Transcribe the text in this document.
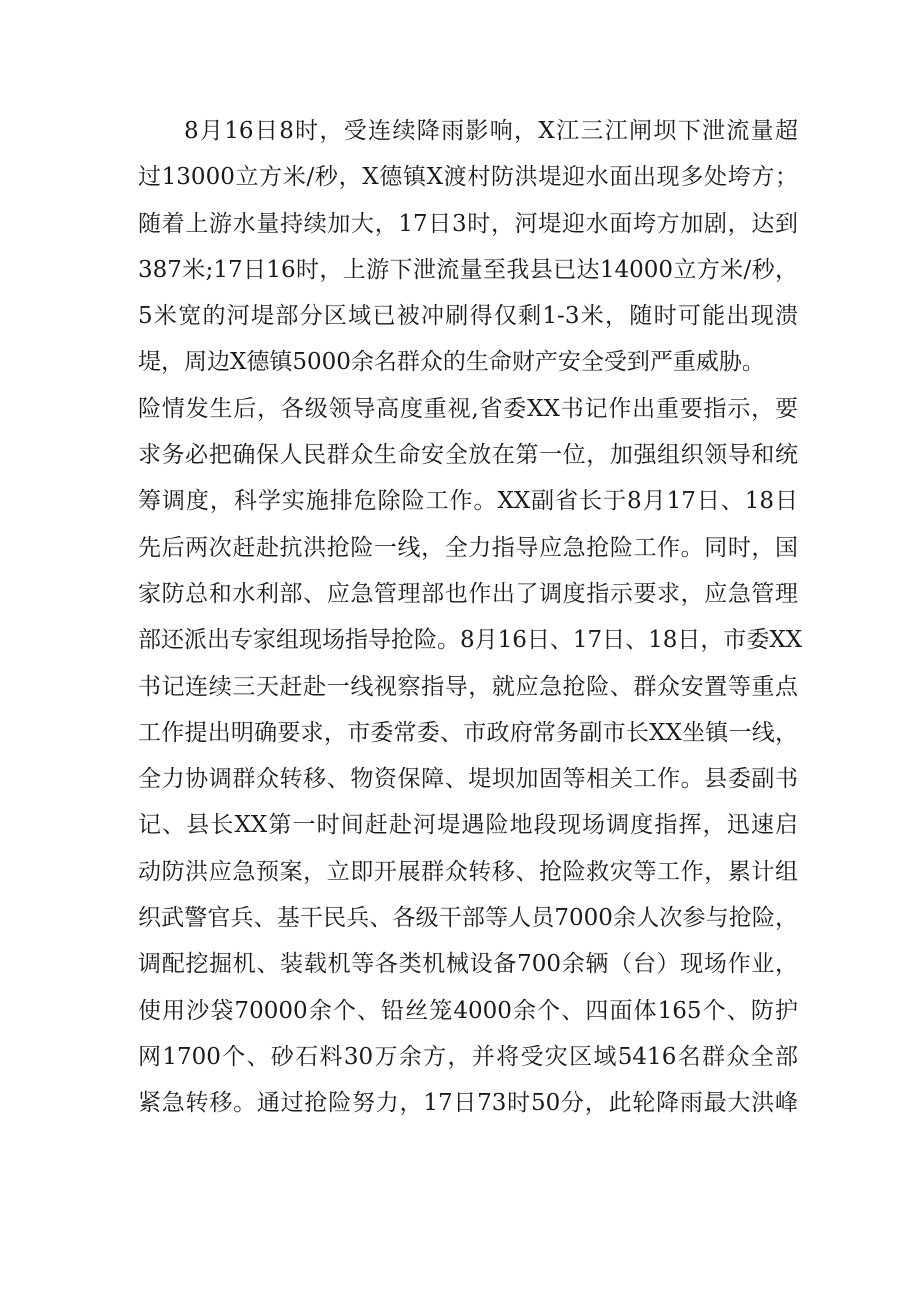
8月16日8时，受连续降雨影响，X江三江闸坝下泄流量超
过13000立方米/秒，X德镇X渡村防洪堤迎水面出现多处垮方；
随着上游水量持续加大，17日3时，河堤迎水面垮方加剧，达到
387米;17日16时，上游下泄流量至我县已达14000立方米/秒，
5米宽的河堤部分区域已被冲刷得仅剩1-3米，随时可能出现溃
堤，周边X德镇5000余名群众的生命财产安全受到严重威胁。
险情发生后，各级领导高度重视,省委XX书记作出重要指示，要
求务必把确保人民群众生命安全放在第一位，加强组织领导和统
筹调度，科学实施排危除险工作。XX副省长于8月17日、18日
先后两次赶赴抗洪抢险一线，全力指导应急抢险工作。同时，国
家防总和水利部、应急管理部也作出了调度指示要求，应急管理
部还派出专家组现场指导抢险。8月16日、17日、18日，市委XX
书记连续三天赶赴一线视察指导，就应急抢险、群众安置等重点
工作提出明确要求，市委常委、市政府常务副市长XX坐镇一线，
全力协调群众转移、物资保障、堤坝加固等相关工作。县委副书
记、县长XX第一时间赶赴河堤遇险地段现场调度指挥，迅速启
动防洪应急预案，立即开展群众转移、抢险救灾等工作，累计组
织武警官兵、基干民兵、各级干部等人员7000余人次参与抢险，
调配挖掘机、装载机等各类机械设备700余辆（台）现场作业，
使用沙袋70000余个、铅丝笼4000余个、四面体165个、防护
网1700个、砂石料30万余方，并将受灾区域5416名群众全部
紧急转移。通过抢险努力，17日73时50分，此轮降雨最大洪峰
